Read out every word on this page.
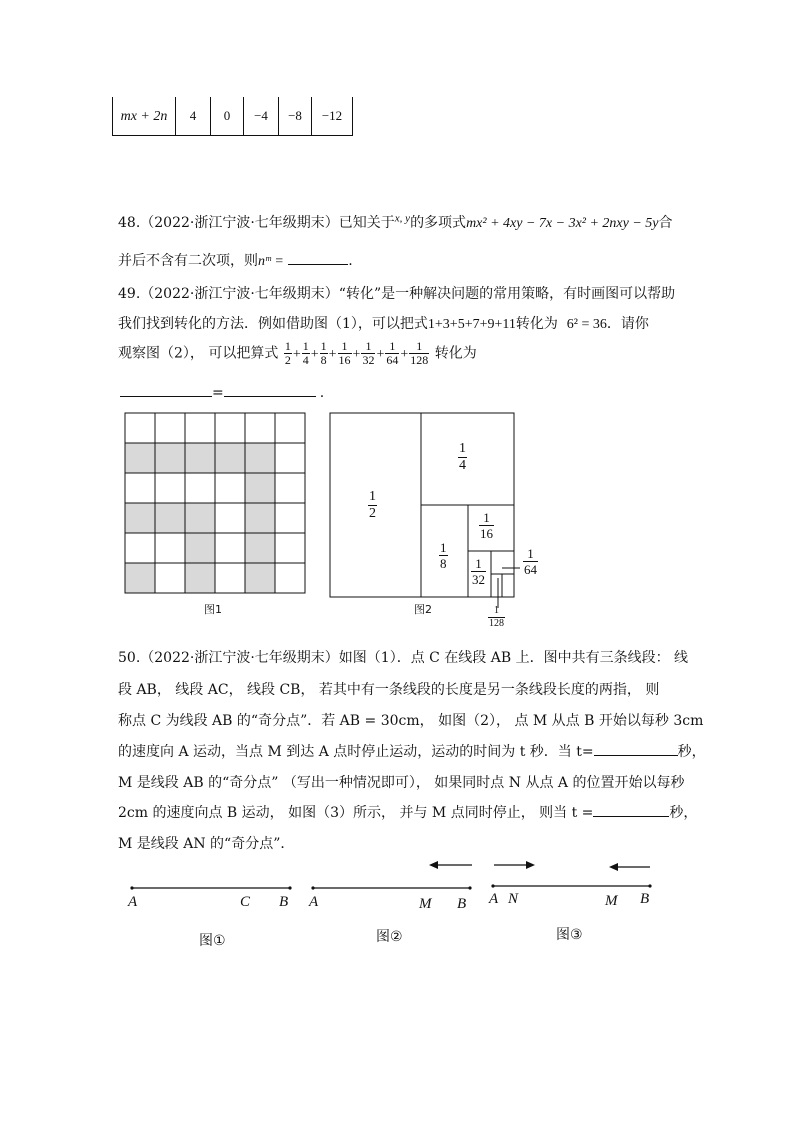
mx + 2n	4	0	−4	−8	−12
48.（2022·浙江宁波·七年级期末）已知关于$^{x, y}$的多项式mx² + 4xy − 7x − 3x² + 2nxy − 5y合
并后不含有二次项，则nᵐ =	.
49.（2022·浙江宁波·七年级期末）“转化”是一种解决问题的常用策略，有时画图可以帮助
我们找到转化的方法．例如借助图（1），可以把式1+3+5+7+9+11转化为 6² = 36．请你
观察图（2）， 可以把算式 $\frac{1}{2} + \frac{1}{4} + \frac{1}{8} + \frac{1}{16} + \frac{1}{32} + \frac{1}{64} + \frac{1}{128}$ 转化为
=	.
图1
$\frac{1}{2}$
$\frac{1}{4}$
$\frac{1}{8}$
$\frac{1}{16}$
$\frac{1}{32}$	$\frac{1}{64}$
$\frac{1}{128}$
图2
50.（2022·浙江宁波·七年级期末）如图（1）．点 C 在线段 AB 上．图中共有三条线段： 线
段 AB， 线段 AC， 线段 CB， 若其中有一条线段的长度是另一条线段长度的两指， 则
称点 C 为线段 AB 的“奇分点”．若 AB = 30cm， 如图（2）， 点 M 从点 B 开始以每秒 3cm
的速度向 A 运动，当点 M 到达 A 点时停止运动，运动的时间为 t 秒．当 t=	秒，
M 是线段 AB 的“奇分点” （写出一种情况即可）， 如果同时点 N 从点 A 的位置开始以每秒
2cm 的速度向点 B 运动， 如图（3）所示， 并与 M 点同时停止， 则当 t =	秒，
M 是线段 AN 的“奇分点”．
A	C B A	M B A N	M B
图①	图②	图③
